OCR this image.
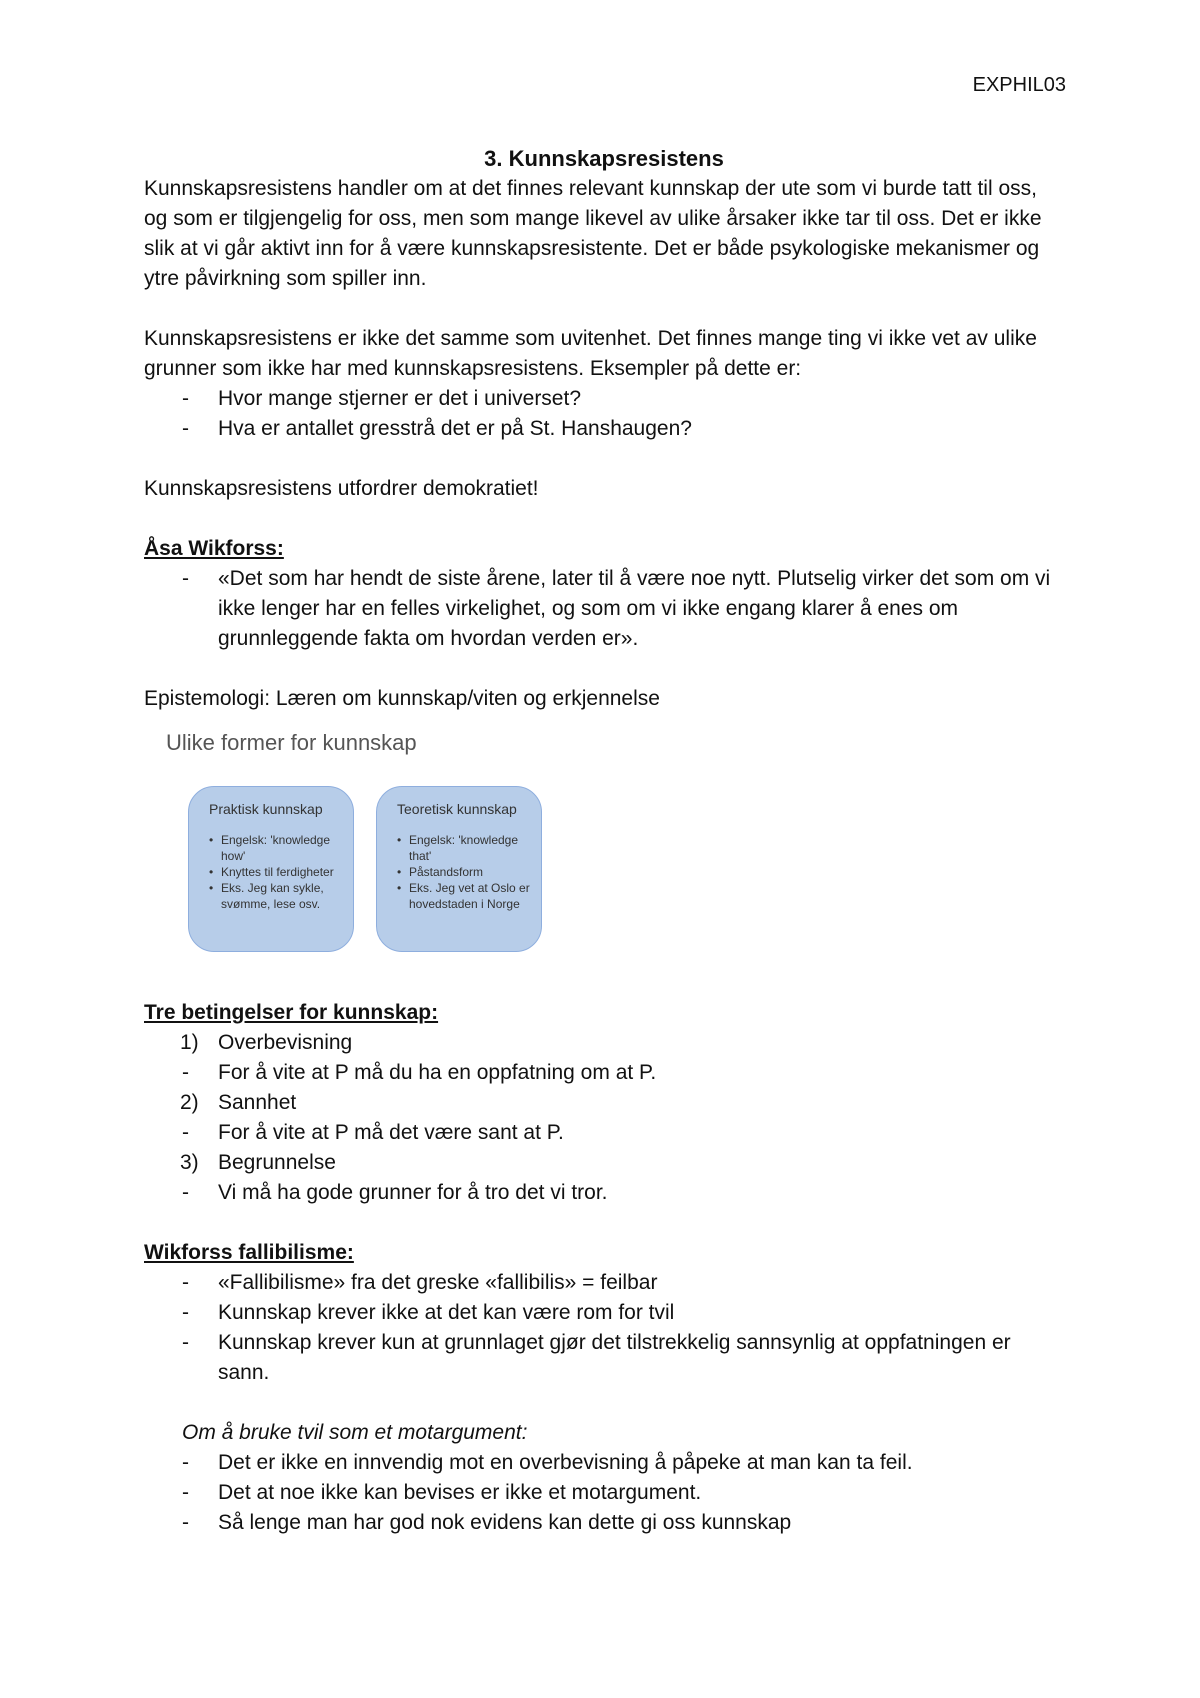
EXPHIL03

3. Kunnskapsresistens

Kunnskapsresistens handler om at det finnes relevant kunnskap der ute som vi burde tatt til oss, og som er tilgjengelig for oss, men som mange likevel av ulike årsaker ikke tar til oss. Det er ikke slik at vi går aktivt inn for å være kunnskapsresistente. Det er både psykologiske mekanismer og ytre påvirkning som spiller inn.

Kunnskapsresistens er ikke det samme som uvitenhet. Det finnes mange ting vi ikke vet av ulike grunner som ikke har med kunnskapsresistens. Eksempler på dette er:

- Hvor mange stjerner er det i universet?
- Hva er antallet gresstrå det er på St. Hanshaugen?

Kunnskapsresistens utfordrer demokratiet!

Åsa Wikforss:

- «Det som har hendt de siste årene, later til å være noe nytt. Plutselig virker det som om vi ikke lenger har en felles virkelighet, og som om vi ikke engang klarer å enes om grunnleggende fakta om hvordan verden er».

Epistemologi: Læren om kunnskap/viten og erkjennelse

Ulike former for kunnskap
Praktisk kunnskap
• Engelsk: 'knowledge how'
• Knyttes til ferdigheter
• Eks. Jeg kan sykle, svømme, lese osv.
Teoretisk kunnskap
• Engelsk: 'knowledge that'
• Påstandsform
• Eks. Jeg vet at Oslo er hovedstaden i Norge

Tre betingelser for kunnskap:

1) Overbevisning
- For å vite at P må du ha en oppfatning om at P.
2) Sannhet
- For å vite at P må det være sant at P.
3) Begrunnelse
- Vi må ha gode grunner for å tro det vi tror.

Wikforss fallibilisme:

- «Fallibilisme» fra det greske «fallibilis» = feilbar
- Kunnskap krever ikke at det kan være rom for tvil
- Kunnskap krever kun at grunnlaget gjør det tilstrekkelig sannsynlig at oppfatningen er sann.

Om å bruke tvil som et motargument:

- Det er ikke en innvendig mot en overbevisning å påpeke at man kan ta feil.
- Det at noe ikke kan bevises er ikke et motargument.
- Så lenge man har god nok evidens kan dette gi oss kunnskap
